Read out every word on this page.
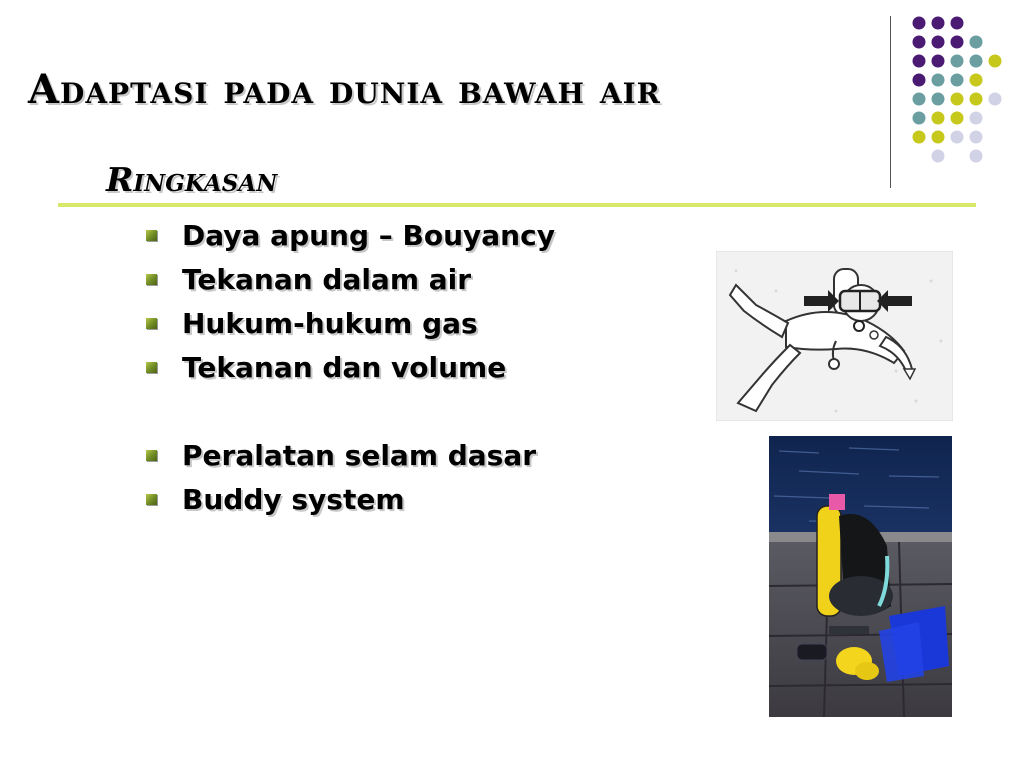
Adaptasi pada dunia bawah air
Ringkasan
Daya apung – Bouyancy
Tekanan dalam air
Hukum-hukum gas
Tekanan dan volume
Peralatan selam dasar
Buddy system
